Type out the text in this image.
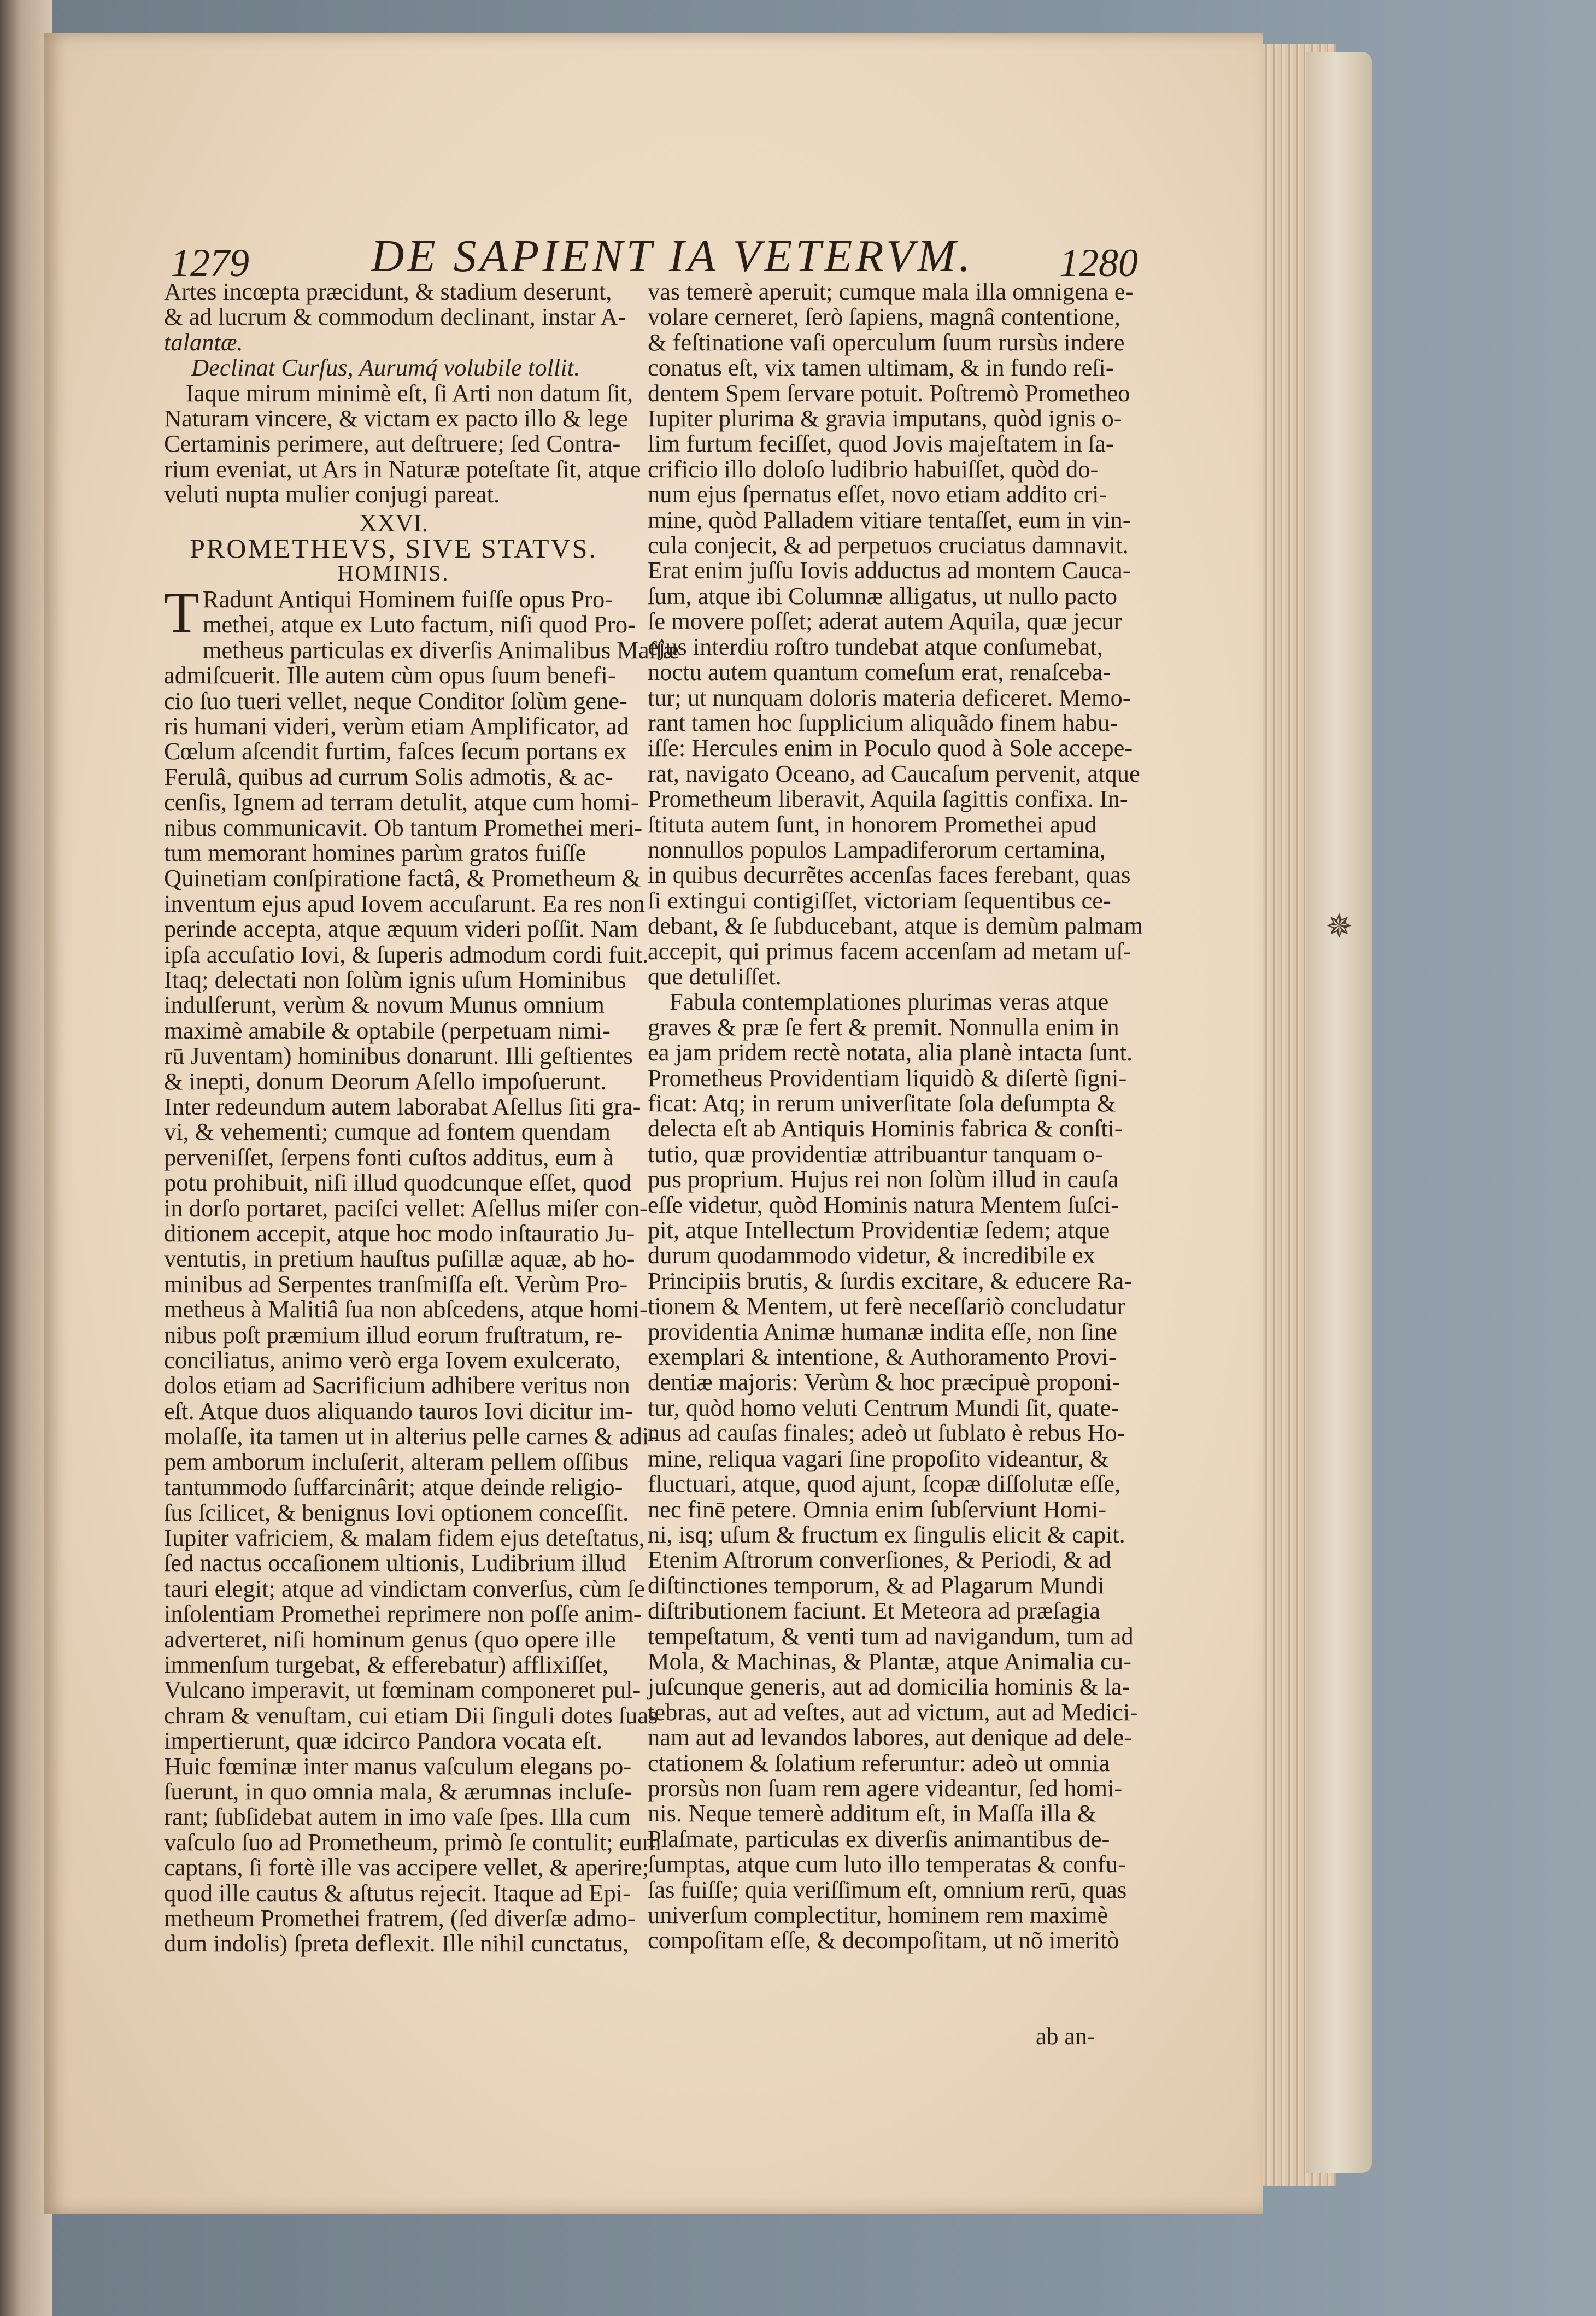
✵
1279	DE SAPIENT IA VETERVM.	1280

Artes incœpta præcidunt, & stadium deserunt,

& ad lucrum & commodum declinant, instar A-

talantæ.

Declinat Curſus, Aurumq́ volubile tollit.

Iaque mirum minimè eſt, ſi Arti non datum ſit,

Naturam vincere, & victam ex pacto illo & lege

Certaminis perimere, aut deſtruere; ſed Contra-

rium eveniat, ut Ars in Naturæ poteſtate ſit, atque

veluti nupta mulier conjugi pareat.

XXVI.

PROMETHEVS, SIVE STATVS.

HOMINIS.

T Radunt Antiqui Hominem fuiſſe opus Pro-

methei, atque ex Luto factum, niſi quod Pro-

metheus particulas ex diverſis Animalibus Maſſæ

admiſcuerit. Ille autem cùm opus ſuum benefi-

cio ſuo tueri vellet, neque Conditor ſolùm gene-

ris humani videri, verùm etiam Amplificator, ad

Cœlum aſcendit furtim, faſces ſecum portans ex

Ferulâ, quibus ad currum Solis admotis, & ac-

cenſis, Ignem ad terram detulit, atque cum homi-

nibus communicavit. Ob tantum Promethei meri-

tum memorant homines parùm gratos fuiſſe

Quinetiam conſpiratione factâ, & Prometheum &

inventum ejus apud Iovem accuſarunt. Ea res non

perinde accepta, atque æquum videri poſſit. Nam

ipſa accuſatio Iovi, & ſuperis admodum cordi fuit.

Itaq; delectati non ſolùm ignis uſum Hominibus

indulſerunt, verùm & novum Munus omnium

maximè amabile & optabile (perpetuam nimi-

rū Juventam) hominibus donarunt. Illi geſtientes

& inepti, donum Deorum Aſello impoſuerunt.

Inter redeundum autem laborabat Aſellus ſiti gra-

vi, & vehementi; cumque ad fontem quendam

perveniſſet, ſerpens fonti cuſtos additus, eum à

potu prohibuit, niſi illud quodcunque eſſet, quod

in dorſo portaret, paciſci vellet: Aſellus miſer con-

ditionem accepit, atque hoc modo inſtauratio Ju-

ventutis, in pretium hauſtus puſillæ aquæ, ab ho-

minibus ad Serpentes tranſmiſſa eſt. Verùm Pro-

metheus à Malitiâ ſua non abſcedens, atque homi-

nibus poſt præmium illud eorum fruſtratum, re-

conciliatus, animo verò erga Iovem exulcerato,

dolos etiam ad Sacrificium adhibere veritus non

eſt. Atque duos aliquando tauros Iovi dicitur im-

molaſſe, ita tamen ut in alterius pelle carnes & adi-

pem amborum incluſerit, alteram pellem oſſibus

tantummodo ſuffarcinârit; atque deinde religio-

ſus ſcilicet, & benignus Iovi optionem conceſſit.

Iupiter vafriciem, & malam fidem ejus deteſtatus,

ſed nactus occaſionem ultionis, Ludibrium illud

tauri elegit; atque ad vindictam converſus, cùm ſe

inſolentiam Promethei reprimere non poſſe anim-

adverteret, niſi hominum genus (quo opere ille

immenſum turgebat, & efferebatur) afflixiſſet,

Vulcano imperavit, ut fœminam componeret pul-

chram & venuſtam, cui etiam Dii ſinguli dotes ſuas

impertierunt, quæ idcirco Pandora vocata eſt.

Huic fœminæ inter manus vaſculum elegans po-

ſuerunt, in quo omnia mala, & ærumnas incluſe-

rant; ſubſidebat autem in imo vaſe ſpes. Illa cum

vaſculo ſuo ad Prometheum, primò ſe contulit; eum

captans, ſi fortè ille vas accipere vellet, & aperire;

quod ille cautus & aſtutus rejecit. Itaque ad Epi-

metheum Promethei fratrem, (ſed diverſæ admo-

dum indolis) ſpreta deflexit. Ille nihil cunctatus,

vas temerè aperuit; cumque mala illa omnigena e-

volare cerneret, ſerò ſapiens, magnâ contentione,

& feſtinatione vaſi operculum ſuum rursùs indere

conatus eſt, vix tamen ultimam, & in fundo reſi-

dentem Spem ſervare potuit. Poſtremò Prometheo

Iupiter plurima & gravia imputans, quòd ignis o-

lim furtum feciſſet, quod Jovis majeſtatem in ſa-

crificio illo doloſo ludibrio habuiſſet, quòd do-

num ejus ſpernatus eſſet, novo etiam addito cri-

mine, quòd Palladem vitiare tentaſſet, eum in vin-

cula conjecit, & ad perpetuos cruciatus damnavit.

Erat enim juſſu Iovis adductus ad montem Cauca-

ſum, atque ibi Columnæ alligatus, ut nullo pacto

ſe movere poſſet; aderat autem Aquila, quæ jecur

ejus interdiu roſtro tundebat atque conſumebat,

noctu autem quantum comeſum erat, renaſceba-

tur; ut nunquam doloris materia deficeret. Memo-

rant tamen hoc ſupplicium aliquãdo finem habu-

iſſe: Hercules enim in Poculo quod à Sole accepe-

rat, navigato Oceano, ad Caucaſum pervenit, atque

Prometheum liberavit, Aquila ſagittis confixa. In-

ſtituta autem ſunt, in honorem Promethei apud

nonnullos populos Lampadiferorum certamina,

in quibus decurrẽtes accenſas faces ferebant, quas

ſi extingui contigiſſet, victoriam ſequentibus ce-

debant, & ſe ſubducebant, atque is demùm palmam

accepit, qui primus facem accenſam ad metam uſ-

que detuliſſet.

Fabula contemplationes plurimas veras atque

graves & præ ſe fert & premit. Nonnulla enim in

ea jam pridem rectè notata, alia planè intacta ſunt.

Prometheus Providentiam liquidò & diſertè ſigni-

ficat: Atq; in rerum univerſitate ſola deſumpta &

delecta eſt ab Antiquis Hominis fabrica & conſti-

tutio, quæ providentiæ attribuantur tanquam o-

pus proprium. Hujus rei non ſolùm illud in cauſa

eſſe videtur, quòd Hominis natura Mentem ſuſci-

pit, atque Intellectum Providentiæ ſedem; atque

durum quodammodo videtur, & incredibile ex

Principiis brutis, & ſurdis excitare, & educere Ra-

tionem & Mentem, ut ferè neceſſariò concludatur

providentia Animæ humanæ indita eſſe, non ſine

exemplari & intentione, & Authoramento Provi-

dentiæ majoris: Verùm & hoc præcipuè proponi-

tur, quòd homo veluti Centrum Mundi ſit, quate-

nus ad cauſas finales; adeò ut ſublato è rebus Ho-

mine, reliqua vagari ſine propoſito videantur, &

fluctuari, atque, quod ajunt, ſcopæ diſſolutæ eſſe,

nec finē petere. Omnia enim ſubſerviunt Homi-

ni, isq; uſum & fructum ex ſingulis elicit & capit.

Etenim Aſtrorum converſiones, & Periodi, & ad

diſtinctiones temporum, & ad Plagarum Mundi

diſtributionem faciunt. Et Meteora ad præſagia

tempeſtatum, & venti tum ad navigandum, tum ad

Mola, & Machinas, & Plantæ, atque Animalia cu-

juſcunque generis, aut ad domicilia hominis & la-

tebras, aut ad veſtes, aut ad victum, aut ad Medici-

nam aut ad levandos labores, aut denique ad dele-

ctationem & ſolatium referuntur: adeò ut omnia

prorsùs non ſuam rem agere videantur, ſed homi-

nis. Neque temerè additum eſt, in Maſſa illa &

Plaſmate, particulas ex diverſis animantibus de-

ſumptas, atque cum luto illo temperatas & confu-

ſas fuiſſe; quia veriſſimum eſt, omnium rerū, quas

univerſum complectitur, hominem rem maximè

compoſitam eſſe, & decompoſitam, ut nõ imeritò

ab an-
